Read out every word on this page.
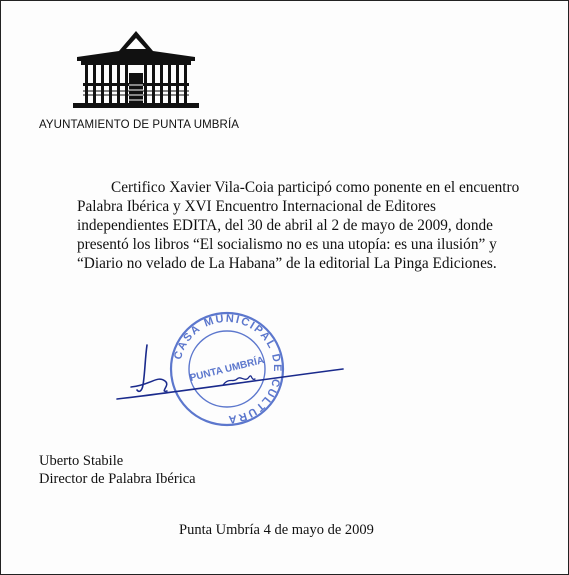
AYUNTAMIENTO DE PUNTA UMBRÍA

Certifico Xavier Vila-Coia participó como ponente en el encuentro Palabra Ibérica y XVI Encuentro Internacional de Editores independientes EDITA, del 30 de abril al 2 de mayo de 2009, donde presentó los libros “El socialismo no es una utopía: es una ilusión” y “Diario no velado de La Habana” de la editorial La Pinga Ediciones.

CASA MUNICIPAL DE CULTURA
PUNTA UMBRÍA
Uberto Stabile
Director de Palabra Ibérica
Punta Umbría 4 de mayo de 2009
